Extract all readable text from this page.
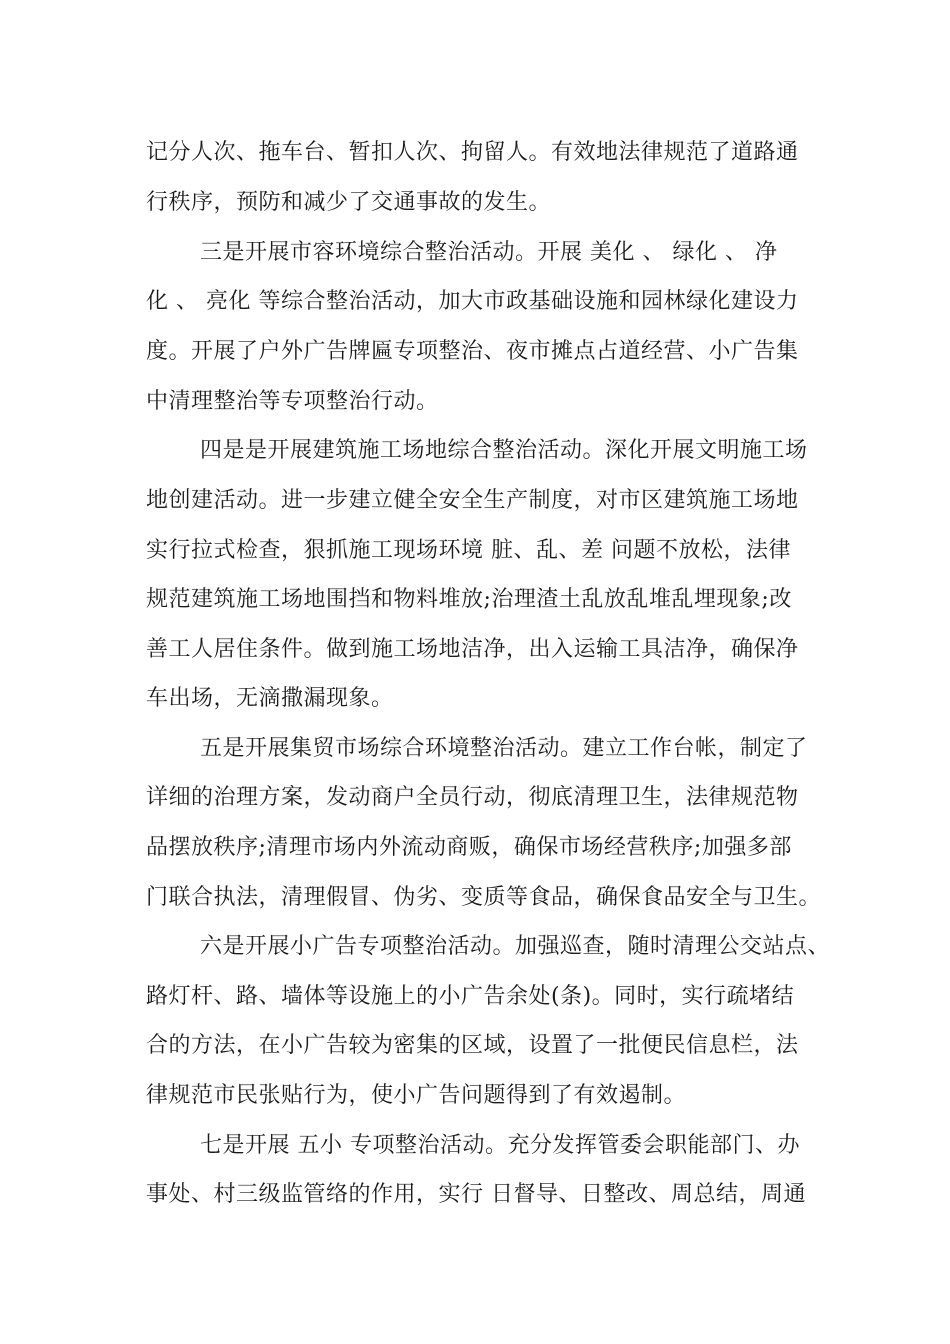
记分人次、拖车台、暂扣人次、拘留人。有效地法律规范了道路通
行秩序，预防和减少了交通事故的发生。
三是开展市容环境综合整治活动。开展 美化 、 绿化 、 净
化 、 亮化 等综合整治活动，加大市政基础设施和园林绿化建设力
度。开展了户外广告牌匾专项整治、夜市摊点占道经营、小广告集
中清理整治等专项整治行动。
四是是开展建筑施工场地综合整治活动。深化开展文明施工场
地创建活动。进一步建立健全安全生产制度，对市区建筑施工场地
实行拉式检查，狠抓施工现场环境 脏、乱、差 问题不放松，法律
规范建筑施工场地围挡和物料堆放;治理渣土乱放乱堆乱埋现象;改
善工人居住条件。做到施工场地洁净，出入运输工具洁净，确保净
车出场，无滴撒漏现象。
五是开展集贸市场综合环境整治活动。建立工作台帐，制定了
详细的治理方案，发动商户全员行动，彻底清理卫生，法律规范物
品摆放秩序;清理市场内外流动商贩，确保市场经营秩序;加强多部
门联合执法，清理假冒、伪劣、变质等食品，确保食品安全与卫生。
六是开展小广告专项整治活动。加强巡查，随时清理公交站点、
路灯杆、路、墙体等设施上的小广告余处(条)。同时，实行疏堵结
合的方法，在小广告较为密集的区域，设置了一批便民信息栏，法
律规范市民张贴行为，使小广告问题得到了有效遏制。
七是开展 五小 专项整治活动。充分发挥管委会职能部门、办
事处、村三级监管络的作用，实行 日督导、日整改、周总结，周通
